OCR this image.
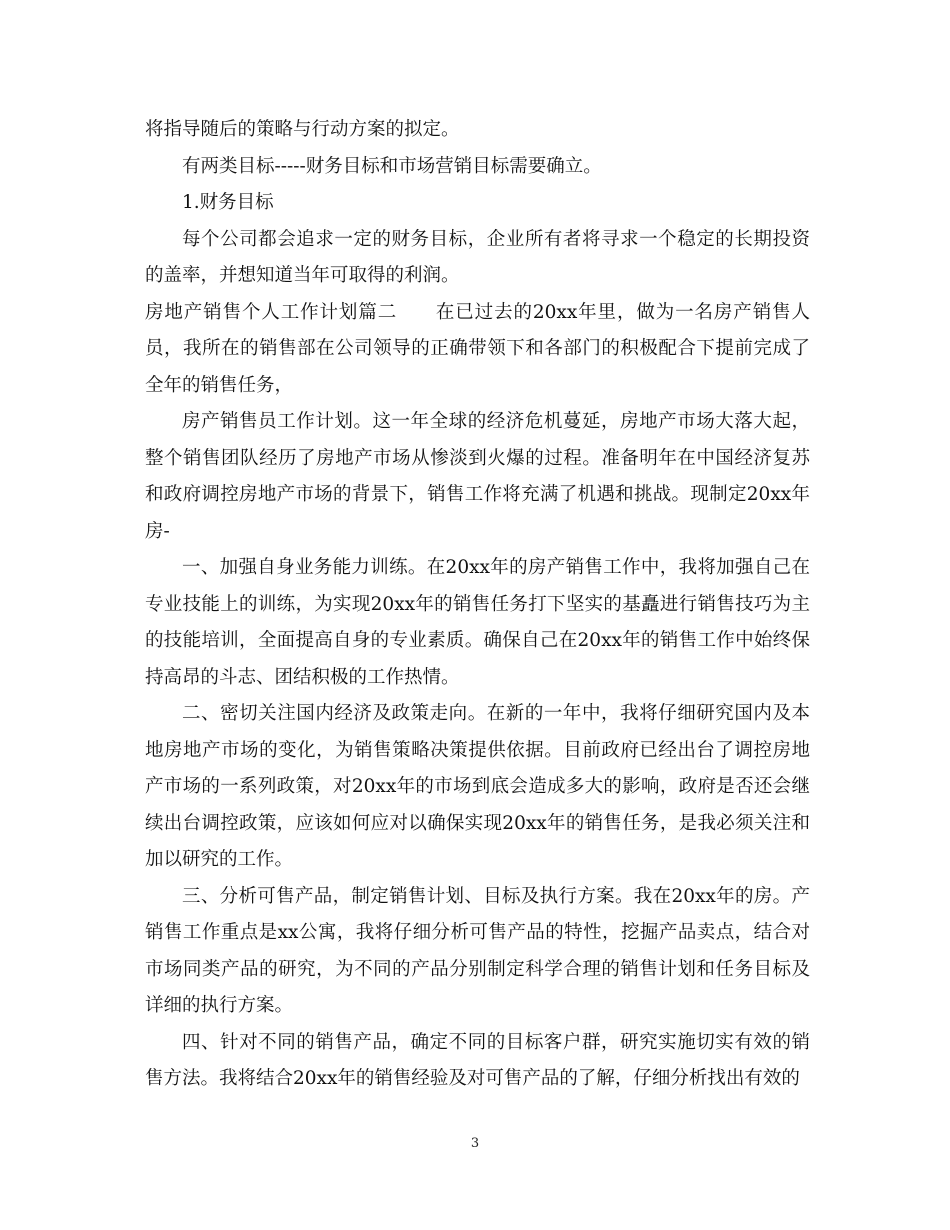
将指导随后的策略与行动方案的拟定。

有两类目标-----财务目标和市场营销目标需要确立。

1.财务目标

每个公司都会追求一定的财务目标，企业所有者将寻求一个稳定的长期投资的盖率，并想知道当年可取得的利润。

房地产销售个人工作计划篇二　　在已过去的20xx年里，做为一名房产销售人员，我所在的销售部在公司领导的正确带领下和各部门的积极配合下提前完成了全年的销售任务，

房产销售员工作计划。这一年全球的经济危机蔓延，房地产市场大落大起，整个销售团队经历了房地产市场从惨淡到火爆的过程。准备明年在中国经济复苏和政府调控房地产市场的背景下，销售工作将充满了机遇和挑战。现制定20xx年房-

一、加强自身业务能力训练。在20xx年的房产销售工作中，我将加强自己在专业技能上的训练，为实现20xx年的销售任务打下坚实的基矗进行销售技巧为主的技能培训，全面提高自身的专业素质。确保自己在20xx年的销售工作中始终保持高昂的斗志、团结积极的工作热情。

二、密切关注国内经济及政策走向。在新的一年中，我将仔细研究国内及本地房地产市场的变化，为销售策略决策提供依据。目前政府已经出台了调控房地产市场的一系列政策，对20xx年的市场到底会造成多大的影响，政府是否还会继续出台调控政策，应该如何应对以确保实现20xx年的销售任务，是我必须关注和加以研究的工作。

三、分析可售产品，制定销售计划、目标及执行方案。我在20xx年的房。产销售工作重点是xx公寓，我将仔细分析可售产品的特性，挖掘产品卖点，结合对市场同类产品的研究，为不同的产品分别制定科学合理的销售计划和任务目标及详细的执行方案。

四、针对不同的销售产品，确定不同的目标客户群，研究实施切实有效的销售方法。我将结合20xx年的销售经验及对可售产品的了解，仔细分析找出有效的

3
